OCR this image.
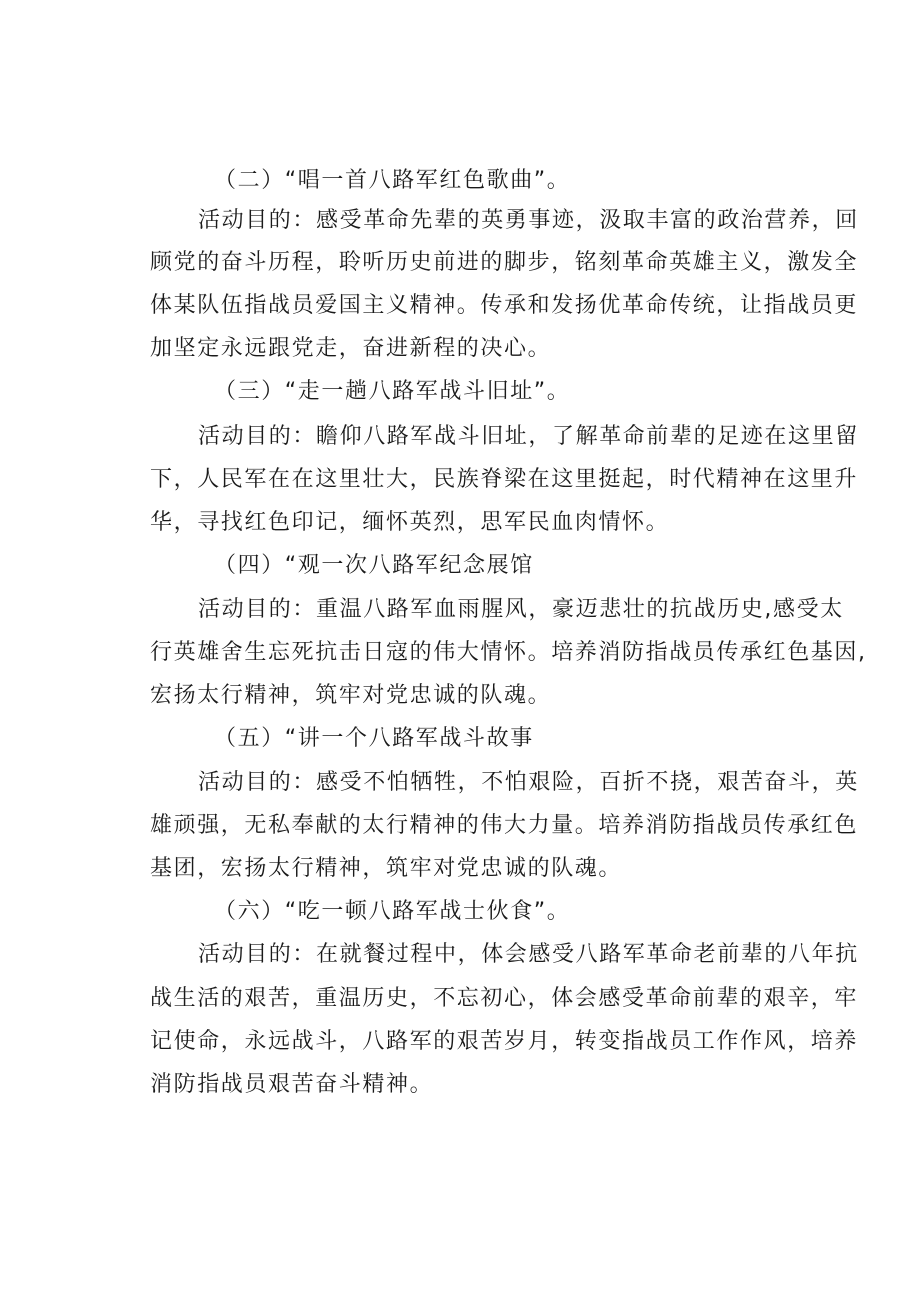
（二）“唱一首八路军红色歌曲”。
活动目的：感受革命先辈的英勇事迹，汲取丰富的政治营养，回
顾党的奋斗历程，聆听历史前进的脚步，铭刻革命英雄主义，激发全
体某队伍指战员爱国主义精神。传承和发扬优革命传统，让指战员更
加坚定永远跟党走，奋进新程的决心。
（三）“走一趟八路军战斗旧址”。
活动目的：瞻仰八路军战斗旧址，了解革命前辈的足迹在这里留
下，人民军在在这里壮大，民族脊梁在这里挺起，时代精神在这里升
华，寻找红色印记，缅怀英烈，思军民血肉情怀。
（四）“观一次八路军纪念展馆
活动目的：重温八路军血雨腥风，豪迈悲壮的抗战历史,感受太
行英雄舍生忘死抗击日寇的伟大情怀。培养消防指战员传承红色基因,
宏扬太行精神，筑牢对党忠诚的队魂。
（五）“讲一个八路军战斗故事
活动目的：感受不怕牺牲，不怕艰险，百折不挠，艰苦奋斗，英
雄顽强，无私奉献的太行精神的伟大力量。培养消防指战员传承红色
基团，宏扬太行精神，筑牢对党忠诚的队魂。
（六）“吃一顿八路军战士伙食”。
活动目的：在就餐过程中，体会感受八路军革命老前辈的八年抗
战生活的艰苦，重温历史，不忘初心，体会感受革命前辈的艰辛，牢
记使命，永远战斗，八路军的艰苦岁月，转变指战员工作作风，培养
消防指战员艰苦奋斗精神。
